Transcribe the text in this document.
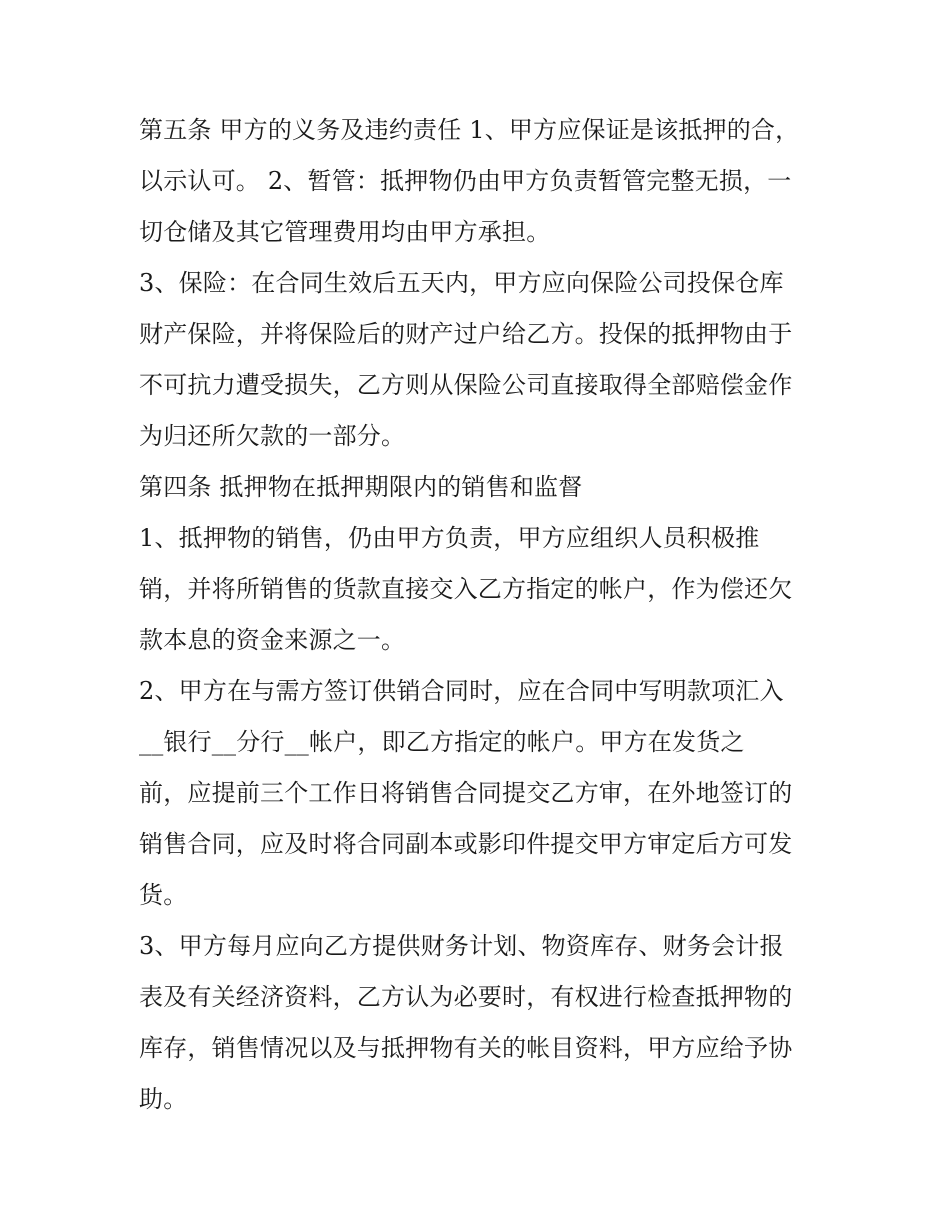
第五条 甲方的义务及违约责任 1、甲方应保证是该抵押的合，
以示认可。 2、暂管：抵押物仍由甲方负责暂管完整无损，一
切仓储及其它管理费用均由甲方承担。
3、保险：在合同生效后五天内，甲方应向保险公司投保仓库
财产保险，并将保险后的财产过户给乙方。投保的抵押物由于
不可抗力遭受损失，乙方则从保险公司直接取得全部赔偿金作
为归还所欠款的一部分。
第四条 抵押物在抵押期限内的销售和监督
1、抵押物的销售，仍由甲方负责，甲方应组织人员积极推
销，并将所销售的货款直接交入乙方指定的帐户，作为偿还欠
款本息的资金来源之一。
2、甲方在与需方签订供销合同时，应在合同中写明款项汇入
__银行__分行__帐户，即乙方指定的帐户。甲方在发货之
前，应提前三个工作日将销售合同提交乙方审，在外地签订的
销售合同，应及时将合同副本或影印件提交甲方审定后方可发
货。
3、甲方每月应向乙方提供财务计划、物资库存、财务会计报
表及有关经济资料，乙方认为必要时，有权进行检查抵押物的
库存，销售情况以及与抵押物有关的帐目资料，甲方应给予协
助。
